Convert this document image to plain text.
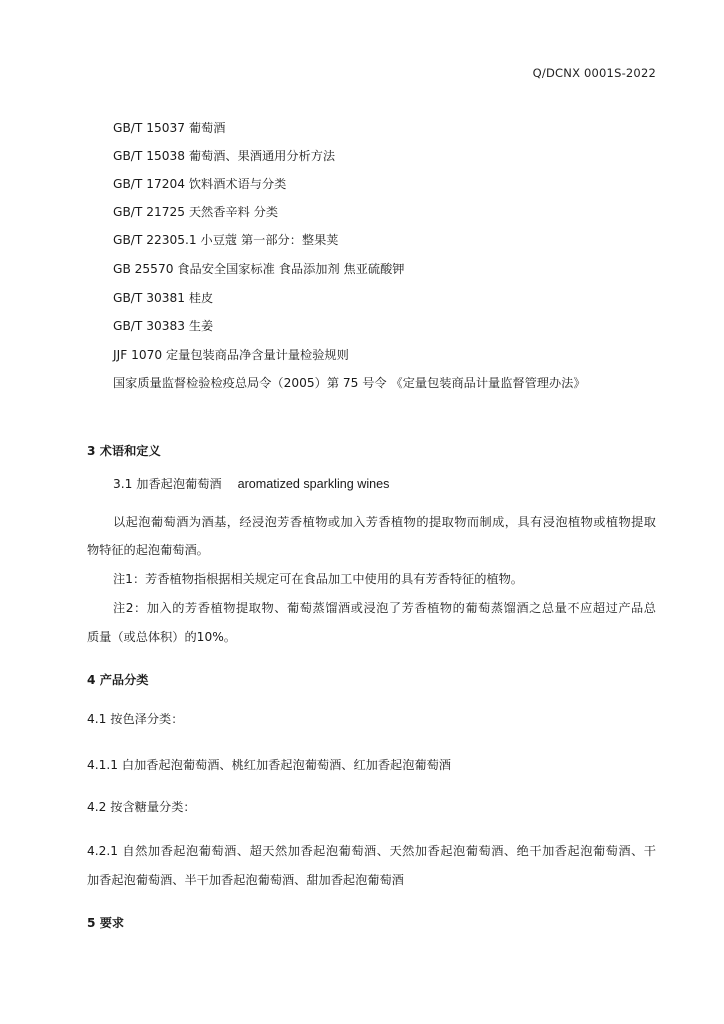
Q/DCNX 0001S-2022
GB/T 15037 葡萄酒
GB/T 15038 葡萄酒、果酒通用分析方法
GB/T 17204 饮料酒术语与分类
GB/T 21725 天然香辛料 分类
GB/T 22305.1 小豆蔻 第一部分：整果荚
GB 25570 食品安全国家标准 食品添加剂 焦亚硫酸钾
GB/T 30381 桂皮
GB/T 30383 生姜
JJF 1070 定量包装商品净含量计量检验规则
国家质量监督检验检疫总局令（2005）第 75 号令 《定量包装商品计量监督管理办法》
3 术语和定义
3.1 加香起泡葡萄酒 aromatized sparkling wines
以起泡葡萄酒为酒基，经浸泡芳香植物或加入芳香植物的提取物而制成，具有浸泡植物或植物提取
物特征的起泡葡萄酒。
注1：芳香植物指根据相关规定可在食品加工中使用的具有芳香特征的植物。
注2：加入的芳香植物提取物、葡萄蒸馏酒或浸泡了芳香植物的葡萄蒸馏酒之总量不应超过产品总
质量（或总体积）的10%。
4 产品分类
4.1 按色泽分类：
4.1.1 白加香起泡葡萄酒、桃红加香起泡葡萄酒、红加香起泡葡萄酒
4.2 按含糖量分类：
4.2.1 自然加香起泡葡萄酒、超天然加香起泡葡萄酒、天然加香起泡葡萄酒、绝干加香起泡葡萄酒、干
加香起泡葡萄酒、半干加香起泡葡萄酒、甜加香起泡葡萄酒
5 要求
